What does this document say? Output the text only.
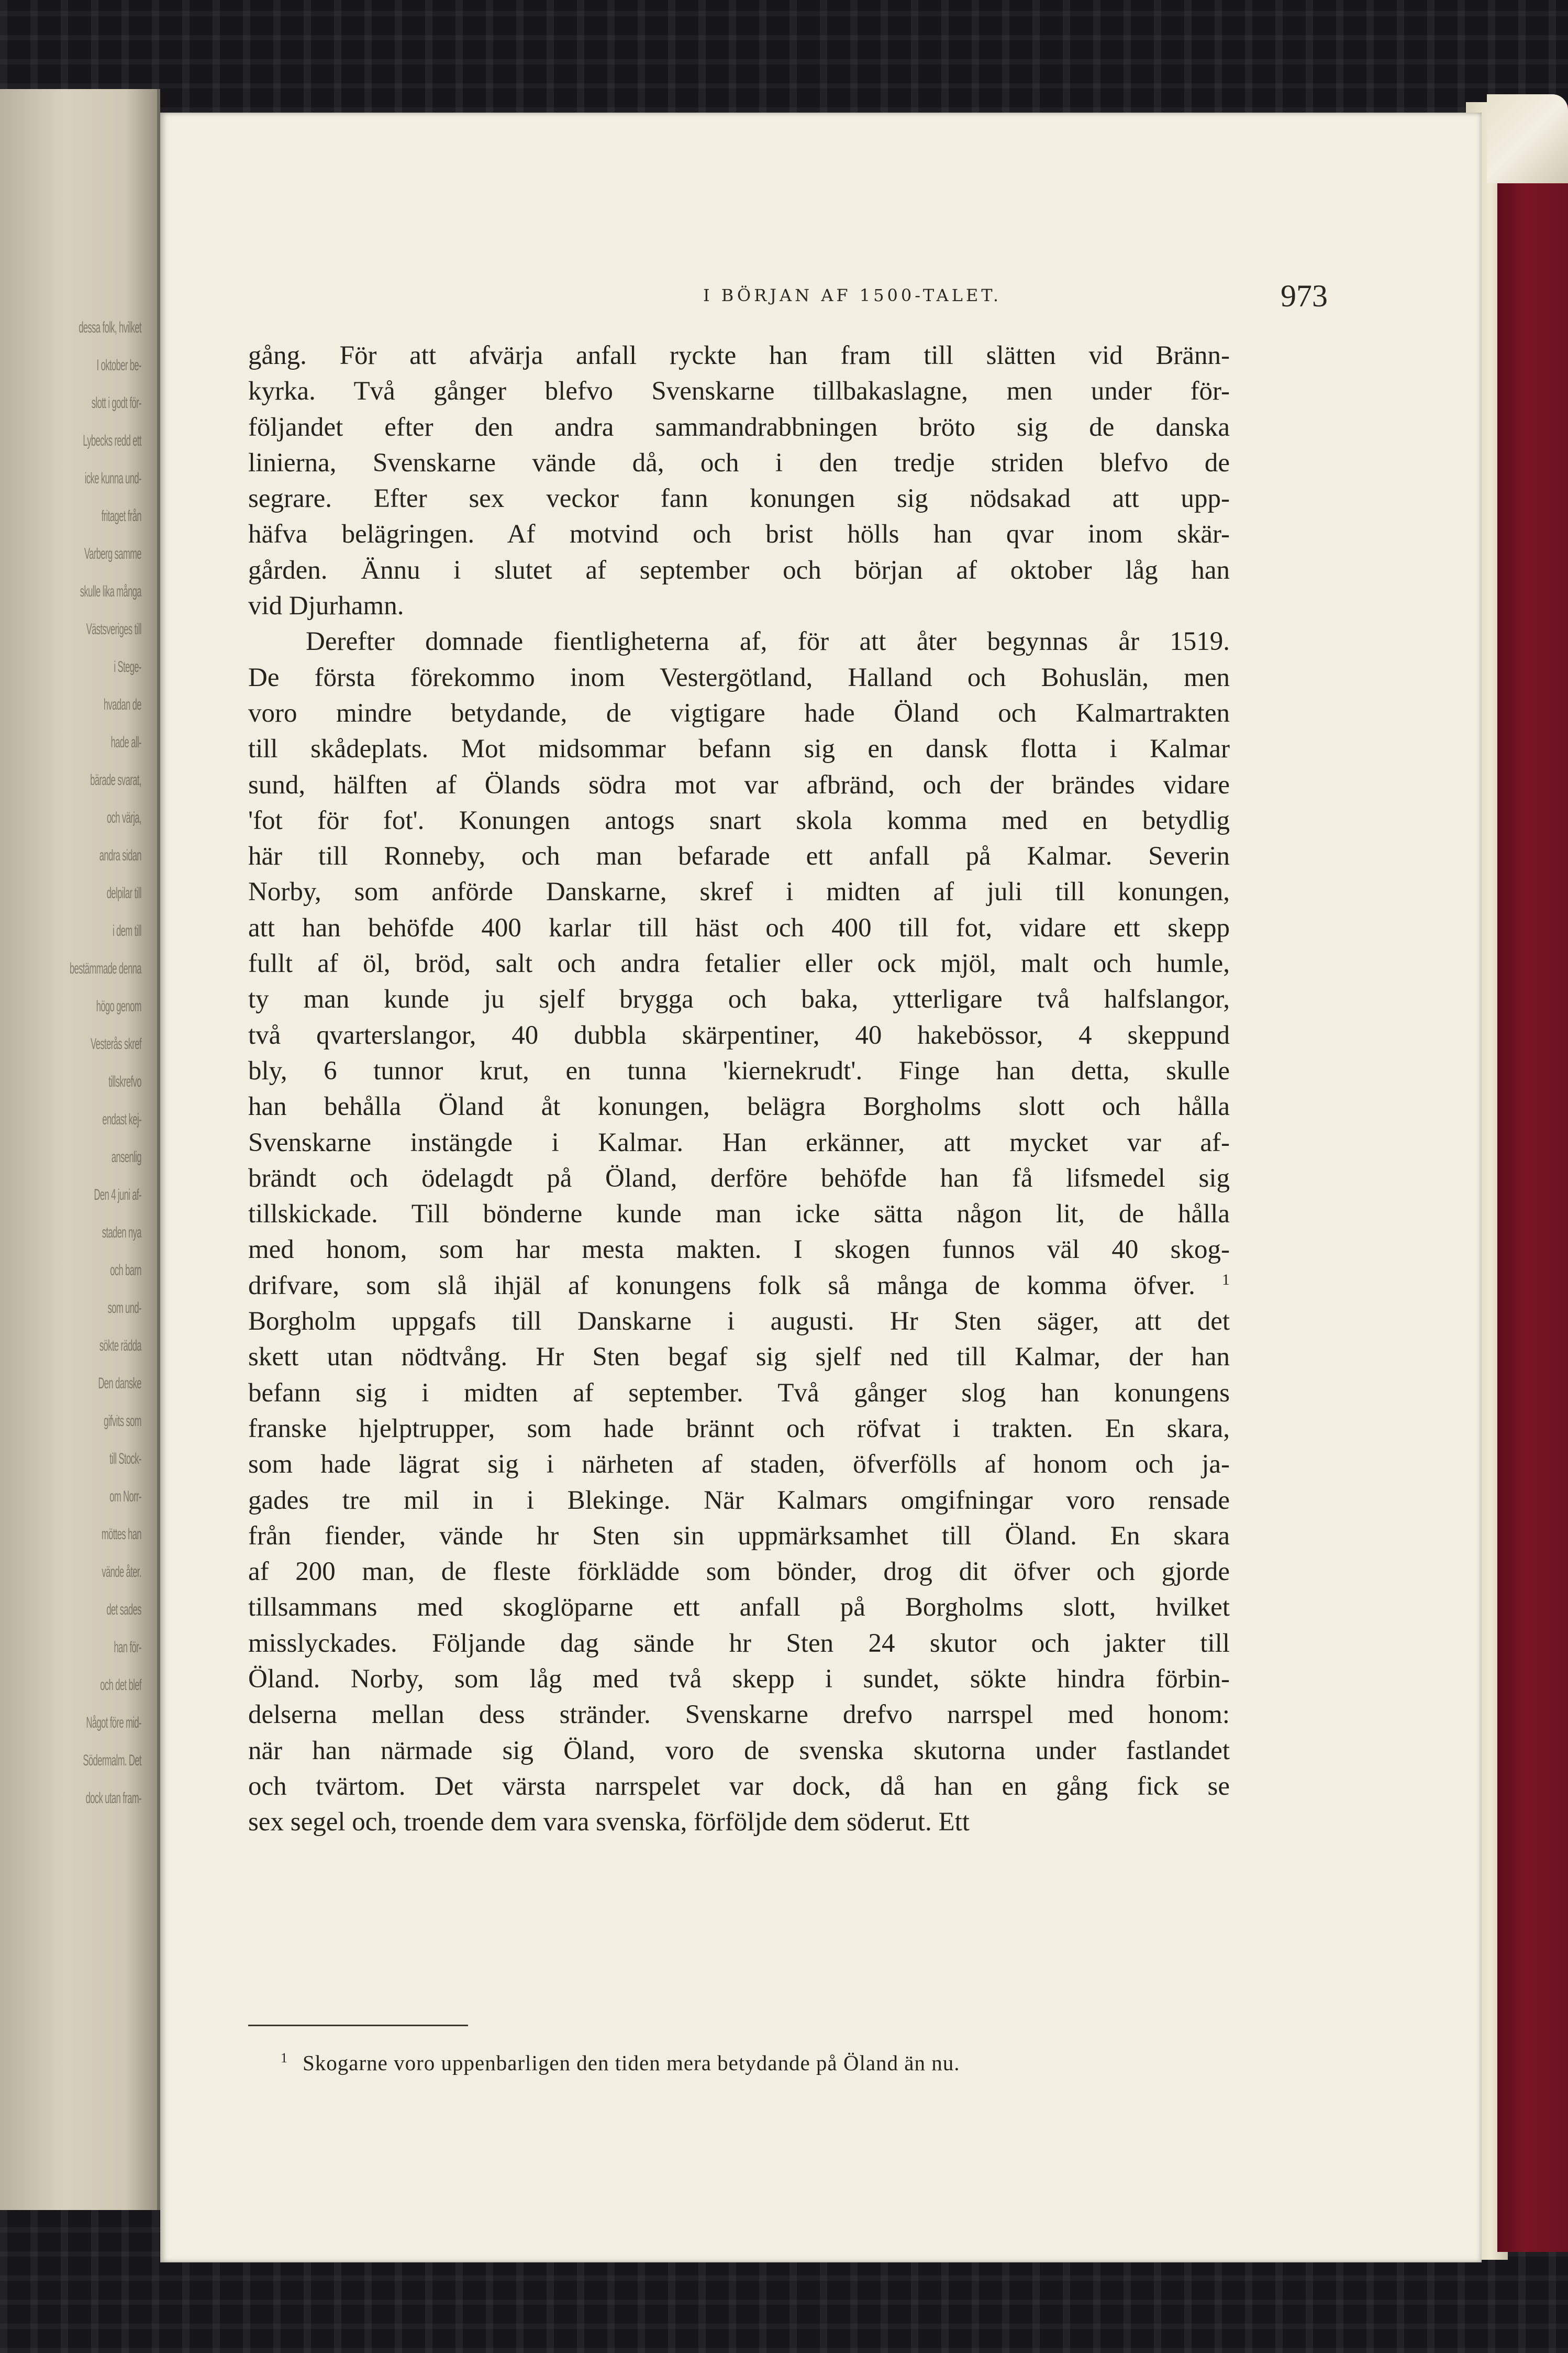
dessa folk, hvilket
I oktober be-
slott i godt för-
Lybecks redd ett
icke kunna und-
fritaget från
Varberg samme
skulle lika många
Västsveriges till
i Stege-
hvadan de
hade all-
bärade svarat,
och värja,
andra sidan
delpilar till
i dem till
bestämmade denna
högo genom
Vesterås skref
tillskrefvo
endast kej-
ansenlig
Den 4 juni af-
staden nya
och barn
som und-
sökte rädda
Den danske
gifvits som
till Stock-
om Norr-
möttes han
vände åter.
det sades
han för-
och det blef
Något före mid-
Södermalm. Det
dock utan fram-
I BÖRJAN AF 1500-TALET.	973
gång. För att afvärja anfall ryckte han fram till slätten vid Bränn-
kyrka. Två gånger blefvo Svenskarne tillbakaslagne, men under för-
följandet efter den andra sammandrabbningen bröto sig de danska
linierna, Svenskarne vände då, och i den tredje striden blefvo de
segrare. Efter sex veckor fann konungen sig nödsakad att upp-
häfva belägringen. Af motvind och brist hölls han qvar inom skär-
gården. Ännu i slutet af september och början af oktober låg han
vid Djurhamn.
Derefter domnade fientligheterna af, för att åter begynnas år 1519.
De första förekommo inom Vestergötland, Halland och Bohuslän, men
voro mindre betydande, de vigtigare hade Öland och Kalmartrakten
till skådeplats. Mot midsommar befann sig en dansk flotta i Kalmar
sund, hälften af Ölands södra mot var afbränd, och der brändes vidare
'fot för fot'. Konungen antogs snart skola komma med en betydlig
här till Ronneby, och man befarade ett anfall på Kalmar. Severin
Norby, som anförde Danskarne, skref i midten af juli till konungen,
att han behöfde 400 karlar till häst och 400 till fot, vidare ett skepp
fullt af öl, bröd, salt och andra fetalier eller ock mjöl, malt och humle,
ty man kunde ju sjelf brygga och baka, ytterligare två halfslangor,
två qvarterslangor, 40 dubbla skärpentiner, 40 hakebössor, 4 skeppund
bly, 6 tunnor krut, en tunna 'kiernekrudt'. Finge han detta, skulle
han behålla Öland åt konungen, belägra Borgholms slott och hålla
Svenskarne instängde i Kalmar. Han erkänner, att mycket var af-
brändt och ödelagdt på Öland, derföre behöfde han få lifsmedel sig
tillskickade. Till bönderne kunde man icke sätta någon lit, de hålla
med honom, som har mesta makten. I skogen funnos väl 40 skog-
drifvare, som slå ihjäl af konungens folk så många de komma öfver. $^1$
Borgholm uppgafs till Danskarne i augusti. Hr Sten säger, att det
skett utan nödtvång. Hr Sten begaf sig sjelf ned till Kalmar, der han
befann sig i midten af september. Två gånger slog han konungens
franske hjelptrupper, som hade brännt och röfvat i trakten. En skara,
som hade lägrat sig i närheten af staden, öfverfölls af honom och ja-
gades tre mil in i Blekinge. När Kalmars omgifningar voro rensade
från fiender, vände hr Sten sin uppmärksamhet till Öland. En skara
af 200 man, de fleste förklädde som bönder, drog dit öfver och gjorde
tillsammans med skoglöparne ett anfall på Borgholms slott, hvilket
misslyckades. Följande dag sände hr Sten 24 skutor och jakter till
Öland. Norby, som låg med två skepp i sundet, sökte hindra förbin-
delserna mellan dess stränder. Svenskarne drefvo narrspel med honom:
när han närmade sig Öland, voro de svenska skutorna under fastlandet
och tvärtom. Det värsta narrspelet var dock, då han en gång fick se
sex segel och, troende dem vara svenska, förföljde dem söderut. Ett
$^1$ Skogarne voro uppenbarligen den tiden mera betydande på Öland än nu.
